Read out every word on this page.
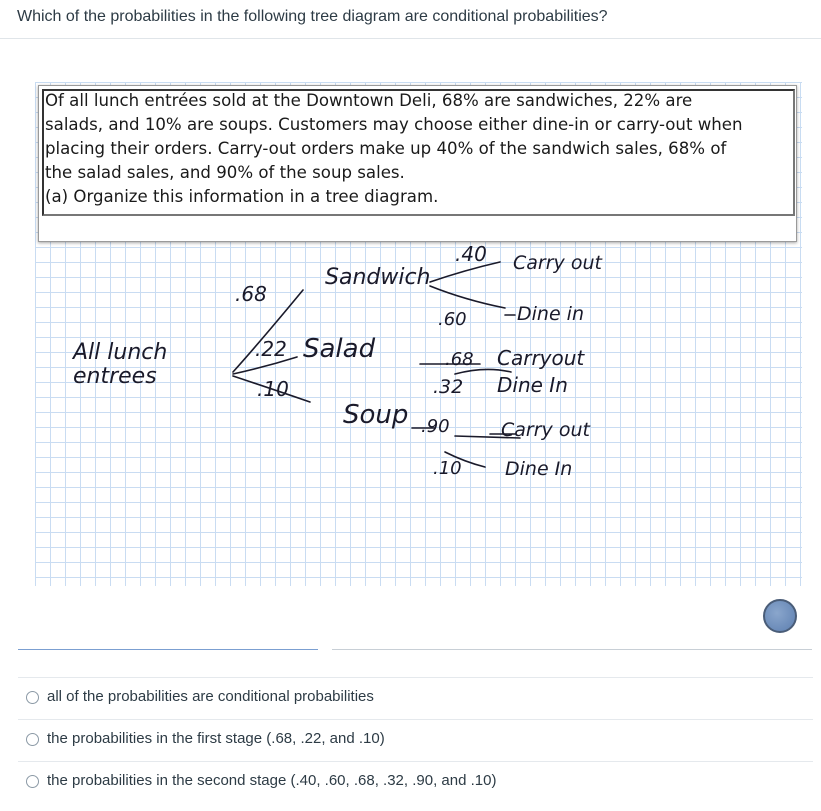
Which of the probabilities in the following tree diagram are conditional probabilities?
Of all lunch entrées sold at the Downtown Deli, 68% are sandwiches, 22% are
salads, and 10% are soups. Customers may choose either dine-in or carry-out when
placing their orders. Carry-out orders make up 40% of the sandwich sales, 68% of
the salad sales, and 90% of the soup sales.
(a) Organize this information in a tree diagram.
All lunch
entrees
.68
Sandwich
.22 Salad
.10
Soup
.40 Carry out
.60	Dine in
.68 Carryout
.32 Dine In
.90	Carry out
.10 Dine In
all of the probabilities are conditional probabilities
the probabilities in the first stage (.68, .22, and .10)
the probabilities in the second stage (.40, .60, .68, .32, .90, and .10)
